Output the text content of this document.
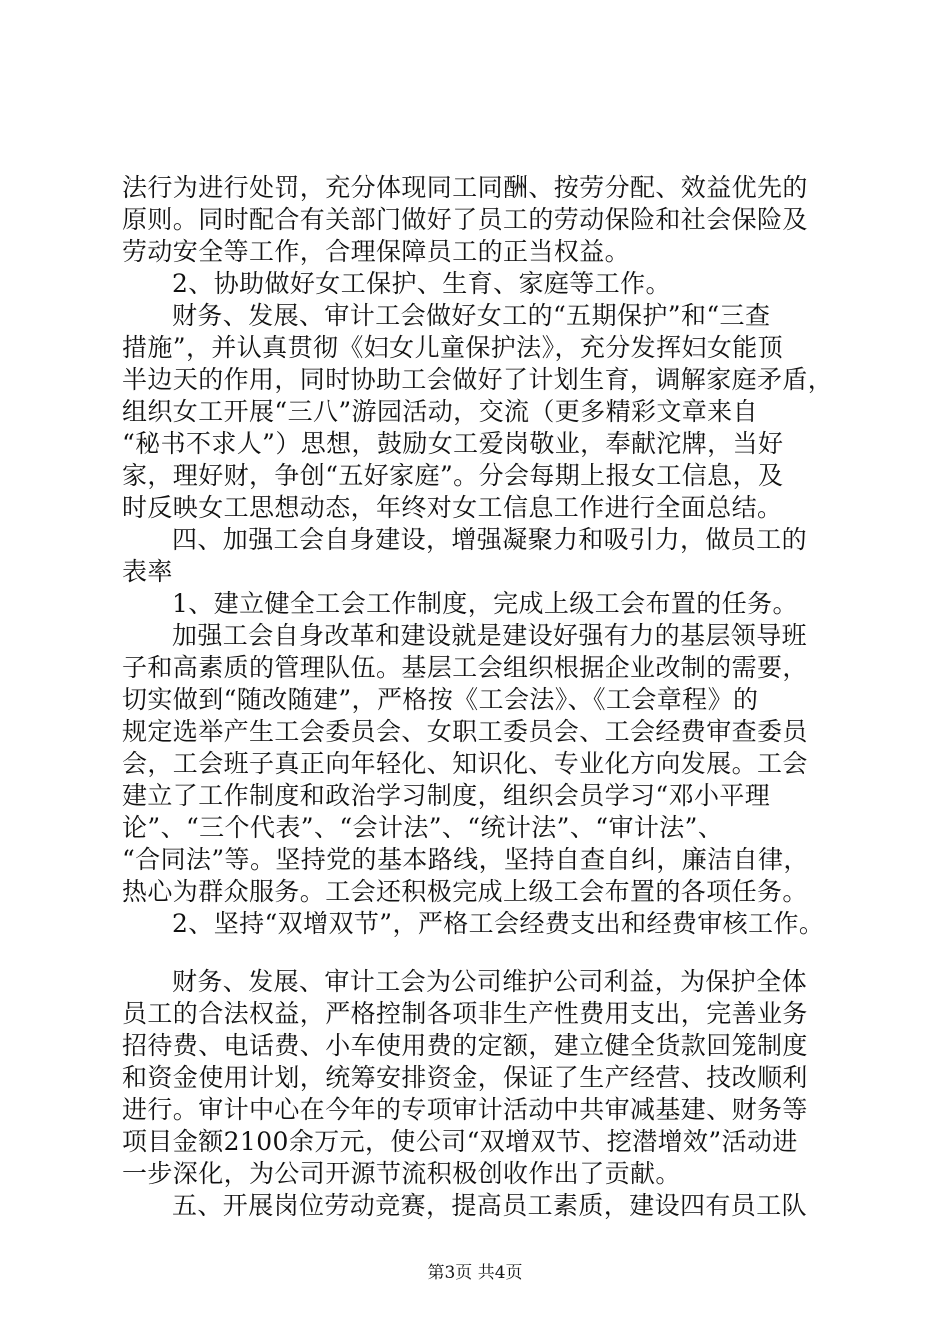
法行为进行处罚，充分体现同工同酬、按劳分配、效益优先的
原则。同时配合有关部门做好了员工的劳动保险和社会保险及
劳动安全等工作，合理保障员工的正当权益。
2、协助做好女工保护、生育、家庭等工作。
财务、发展、审计工会做好女工的“五期保护”和“三查
措施”，并认真贯彻《妇女儿童保护法》，充分发挥妇女能顶
半边天的作用，同时协助工会做好了计划生育，调解家庭矛盾，
组织女工开展“三八”游园活动，交流（更多精彩文章来自
“秘书不求人”）思想，鼓励女工爱岗敬业，奉献沱牌，当好
家，理好财，争创“五好家庭”。分会每期上报女工信息，及
时反映女工思想动态，年终对女工信息工作进行全面总结。
四、加强工会自身建设，增强凝聚力和吸引力，做员工的
表率
1、建立健全工会工作制度，完成上级工会布置的任务。
加强工会自身改革和建设就是建设好强有力的基层领导班
子和高素质的管理队伍。基层工会组织根据企业改制的需要，
切实做到“随改随建”，严格按《工会法》、《工会章程》的
规定选举产生工会委员会、女职工委员会、工会经费审查委员
会，工会班子真正向年轻化、知识化、专业化方向发展。工会
建立了工作制度和政治学习制度，组织会员学习“邓小平理
论”、“三个代表”、“会计法”、“统计法”、“审计法”、
“合同法”等。坚持党的基本路线，坚持自查自纠，廉洁自律，
热心为群众服务。工会还积极完成上级工会布置的各项任务。
2、坚持“双增双节”，严格工会经费支出和经费审核工作。
财务、发展、审计工会为公司维护公司利益，为保护全体
员工的合法权益，严格控制各项非生产性费用支出，完善业务
招待费、电话费、小车使用费的定额，建立健全货款回笼制度
和资金使用计划，统筹安排资金，保证了生产经营、技改顺利
进行。审计中心在今年的专项审计活动中共审减基建、财务等
项目金额2100余万元，使公司“双增双节、挖潜增效”活动进
一步深化，为公司开源节流积极创收作出了贡献。
五、开展岗位劳动竞赛，提高员工素质，建设四有员工队
第3页 共4页
